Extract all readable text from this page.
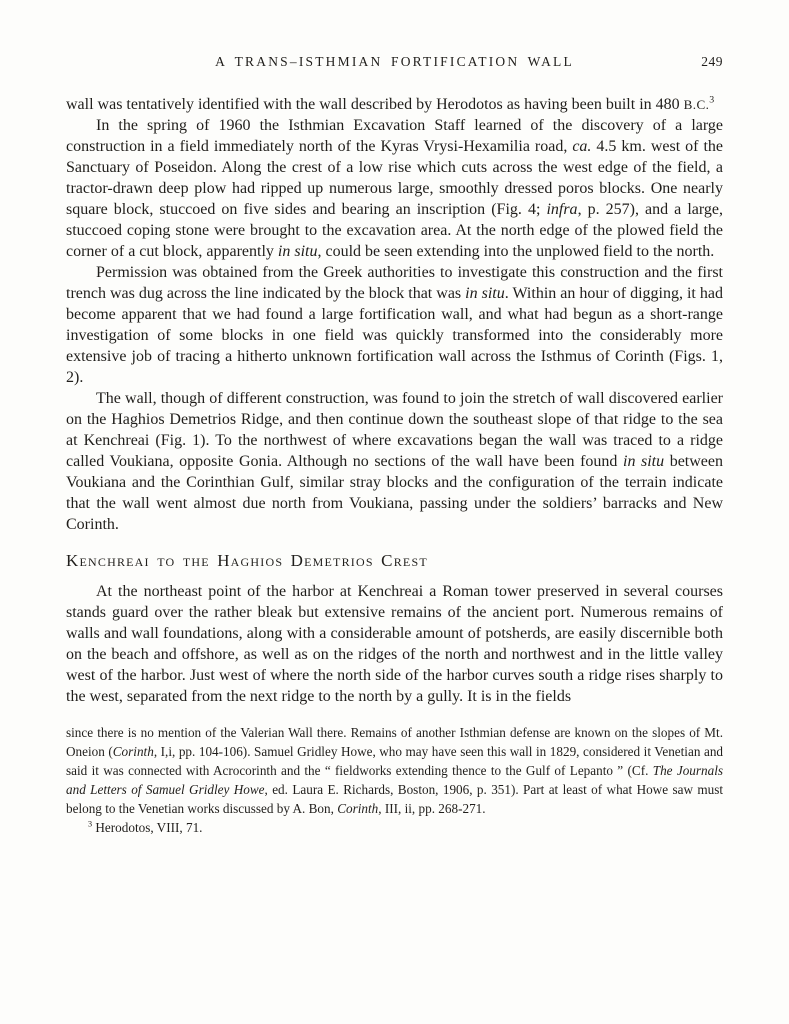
A TRANS–ISTHMIAN FORTIFICATION WALL	249

wall was tentatively identified with the wall described by Herodotos as having been built in 480 B.C.$^3$

In the spring of 1960 the Isthmian Excavation Staff learned of the discovery of a large construction in a field immediately north of the Kyras Vrysi-Hexamilia road, ca. 4.5 km. west of the Sanctuary of Poseidon. Along the crest of a low rise which cuts across the west edge of the field, a tractor-drawn deep plow had ripped up numerous large, smoothly dressed poros blocks. One nearly square block, stuccoed on five sides and bearing an inscription (Fig. 4; infra, p. 257), and a large, stuccoed coping stone were brought to the excavation area. At the north edge of the plowed field the corner of a cut block, apparently in situ, could be seen extending into the unplowed field to the north.

Permission was obtained from the Greek authorities to investigate this construction and the first trench was dug across the line indicated by the block that was in situ. Within an hour of digging, it had become apparent that we had found a large fortification wall, and what had begun as a short-range investigation of some blocks in one field was quickly transformed into the considerably more extensive job of tracing a hitherto unknown fortification wall across the Isthmus of Corinth (Figs. 1, 2).

The wall, though of different construction, was found to join the stretch of wall discovered earlier on the Haghios Demetrios Ridge, and then continue down the southeast slope of that ridge to the sea at Kenchreai (Fig. 1). To the northwest of where excavations began the wall was traced to a ridge called Voukiana, opposite Gonia. Although no sections of the wall have been found in situ between Voukiana and the Corinthian Gulf, similar stray blocks and the configuration of the terrain indicate that the wall went almost due north from Voukiana, passing under the soldiers’ barracks and New Corinth.

Kenchreai to the Haghios Demetrios Crest

At the northeast point of the harbor at Kenchreai a Roman tower preserved in several courses stands guard over the rather bleak but extensive remains of the ancient port. Numerous remains of walls and wall foundations, along with a considerable amount of potsherds, are easily discernible both on the beach and offshore, as well as on the ridges of the north and northwest and in the little valley west of the harbor. Just west of where the north side of the harbor curves south a ridge rises sharply to the west, separated from the next ridge to the north by a gully. It is in the fields

since there is no mention of the Valerian Wall there. Remains of another Isthmian defense are known on the slopes of Mt. Oneion (Corinth, I,i, pp. 104-106). Samuel Gridley Howe, who may have seen this wall in 1829, considered it Venetian and said it was connected with Acrocorinth and the “ fieldworks extending thence to the Gulf of Lepanto ” (Cf. The Journals and Letters of Samuel Gridley Howe, ed. Laura E. Richards, Boston, 1906, p. 351). Part at least of what Howe saw must belong to the Venetian works discussed by A. Bon, Corinth, III, ii, pp. 268-271.

$^3$ Herodotos, VIII, 71.
